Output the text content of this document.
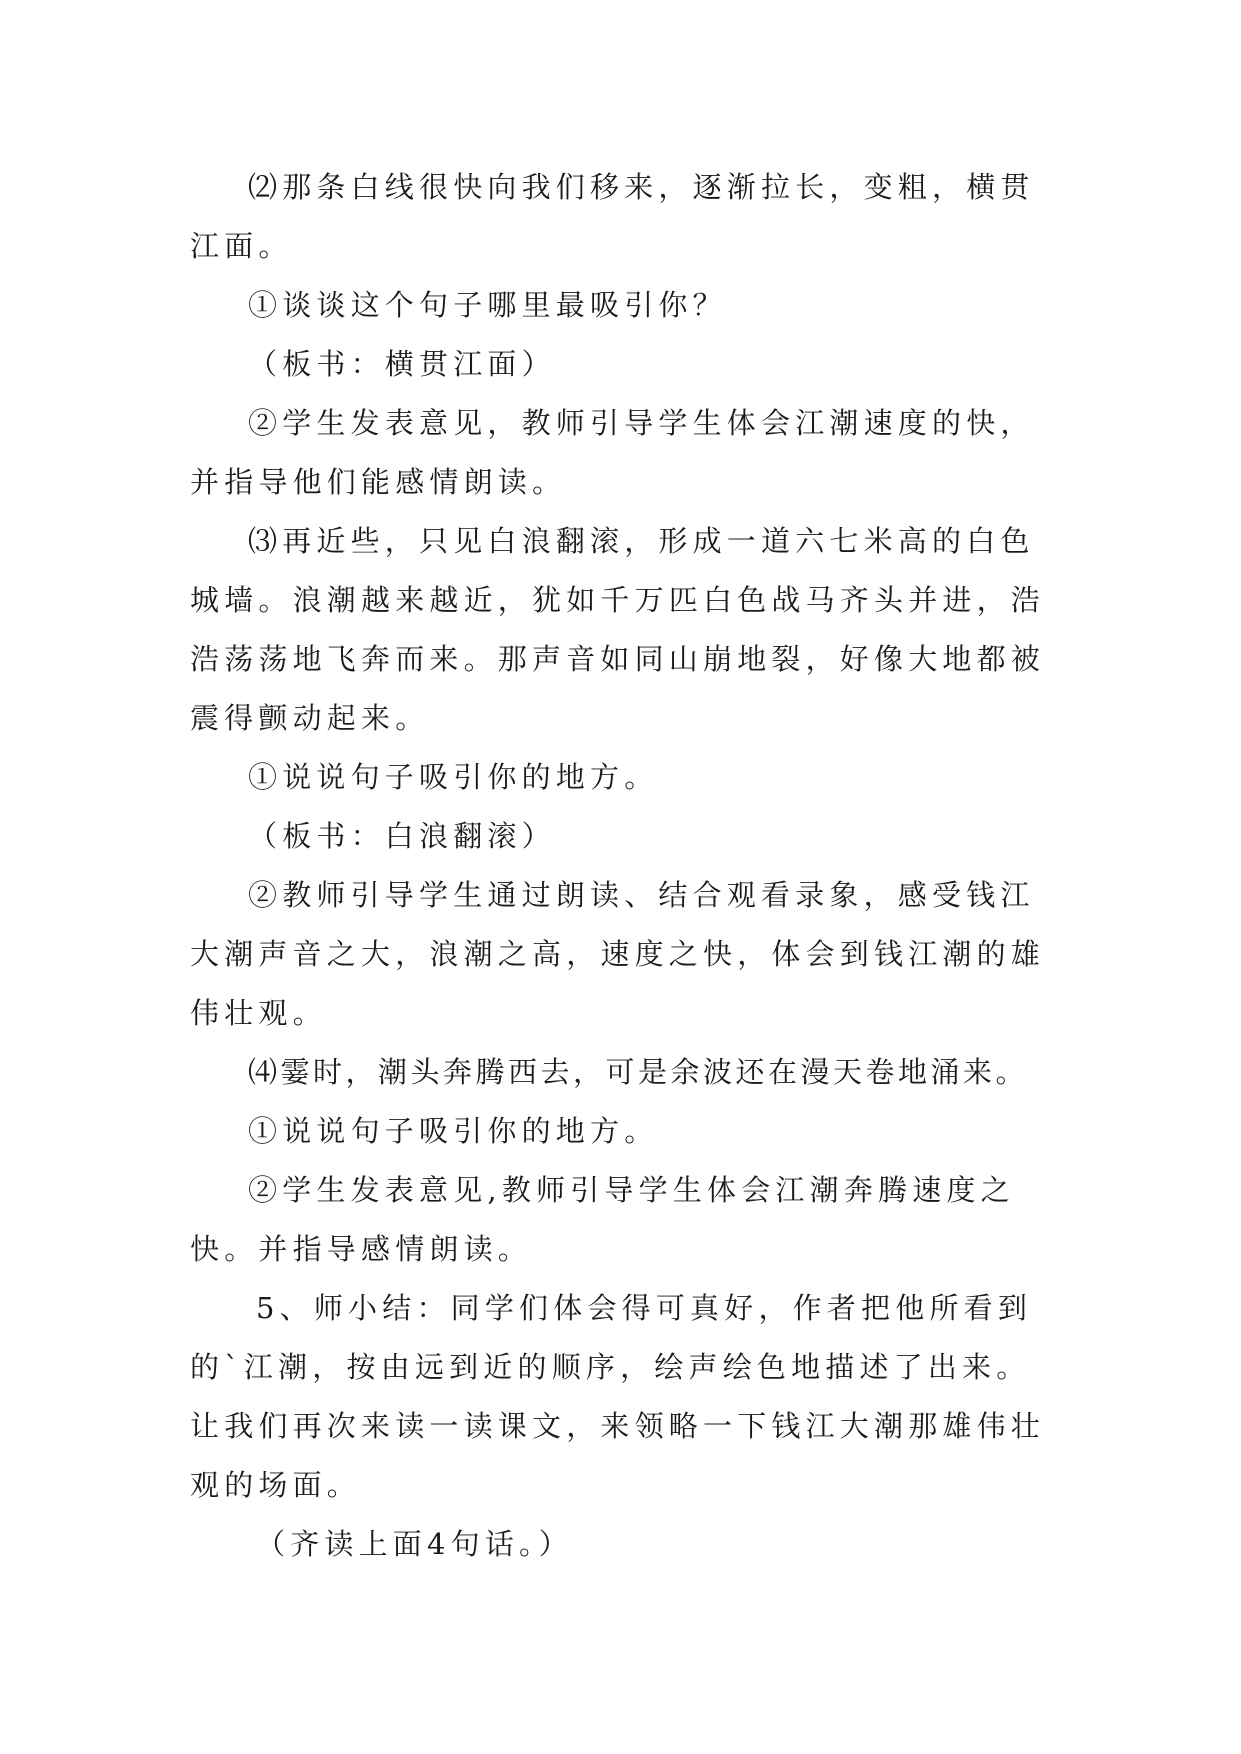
⑵那条白线很快向我们移来，逐渐拉长，变粗，横贯江面。

①谈谈这个句子哪里最吸引你？

（板书：横贯江面）

②学生发表意见，教师引导学生体会江潮速度的快，并指导他们能感情朗读。

⑶再近些，只见白浪翻滚，形成一道六七米高的白色城墙。浪潮越来越近，犹如千万匹白色战马齐头并进，浩浩荡荡地飞奔而来。那声音如同山崩地裂，好像大地都被震得颤动起来。

①说说句子吸引你的地方。

（板书：白浪翻滚）

②教师引导学生通过朗读、结合观看录象，感受钱江大潮声音之大，浪潮之高，速度之快，体会到钱江潮的雄伟壮观。

⑷霎时，潮头奔腾西去，可是余波还在漫天卷地涌来。

①说说句子吸引你的地方。

②学生发表意见,教师引导学生体会江潮奔腾速度之快。并指导感情朗读。

5、师小结：同学们体会得可真好，作者把他所看到的`江潮，按由远到近的顺序，绘声绘色地描述了出来。让我们再次来读一读课文，来领略一下钱江大潮那雄伟壮观的场面。

（齐读上面4句话。）
